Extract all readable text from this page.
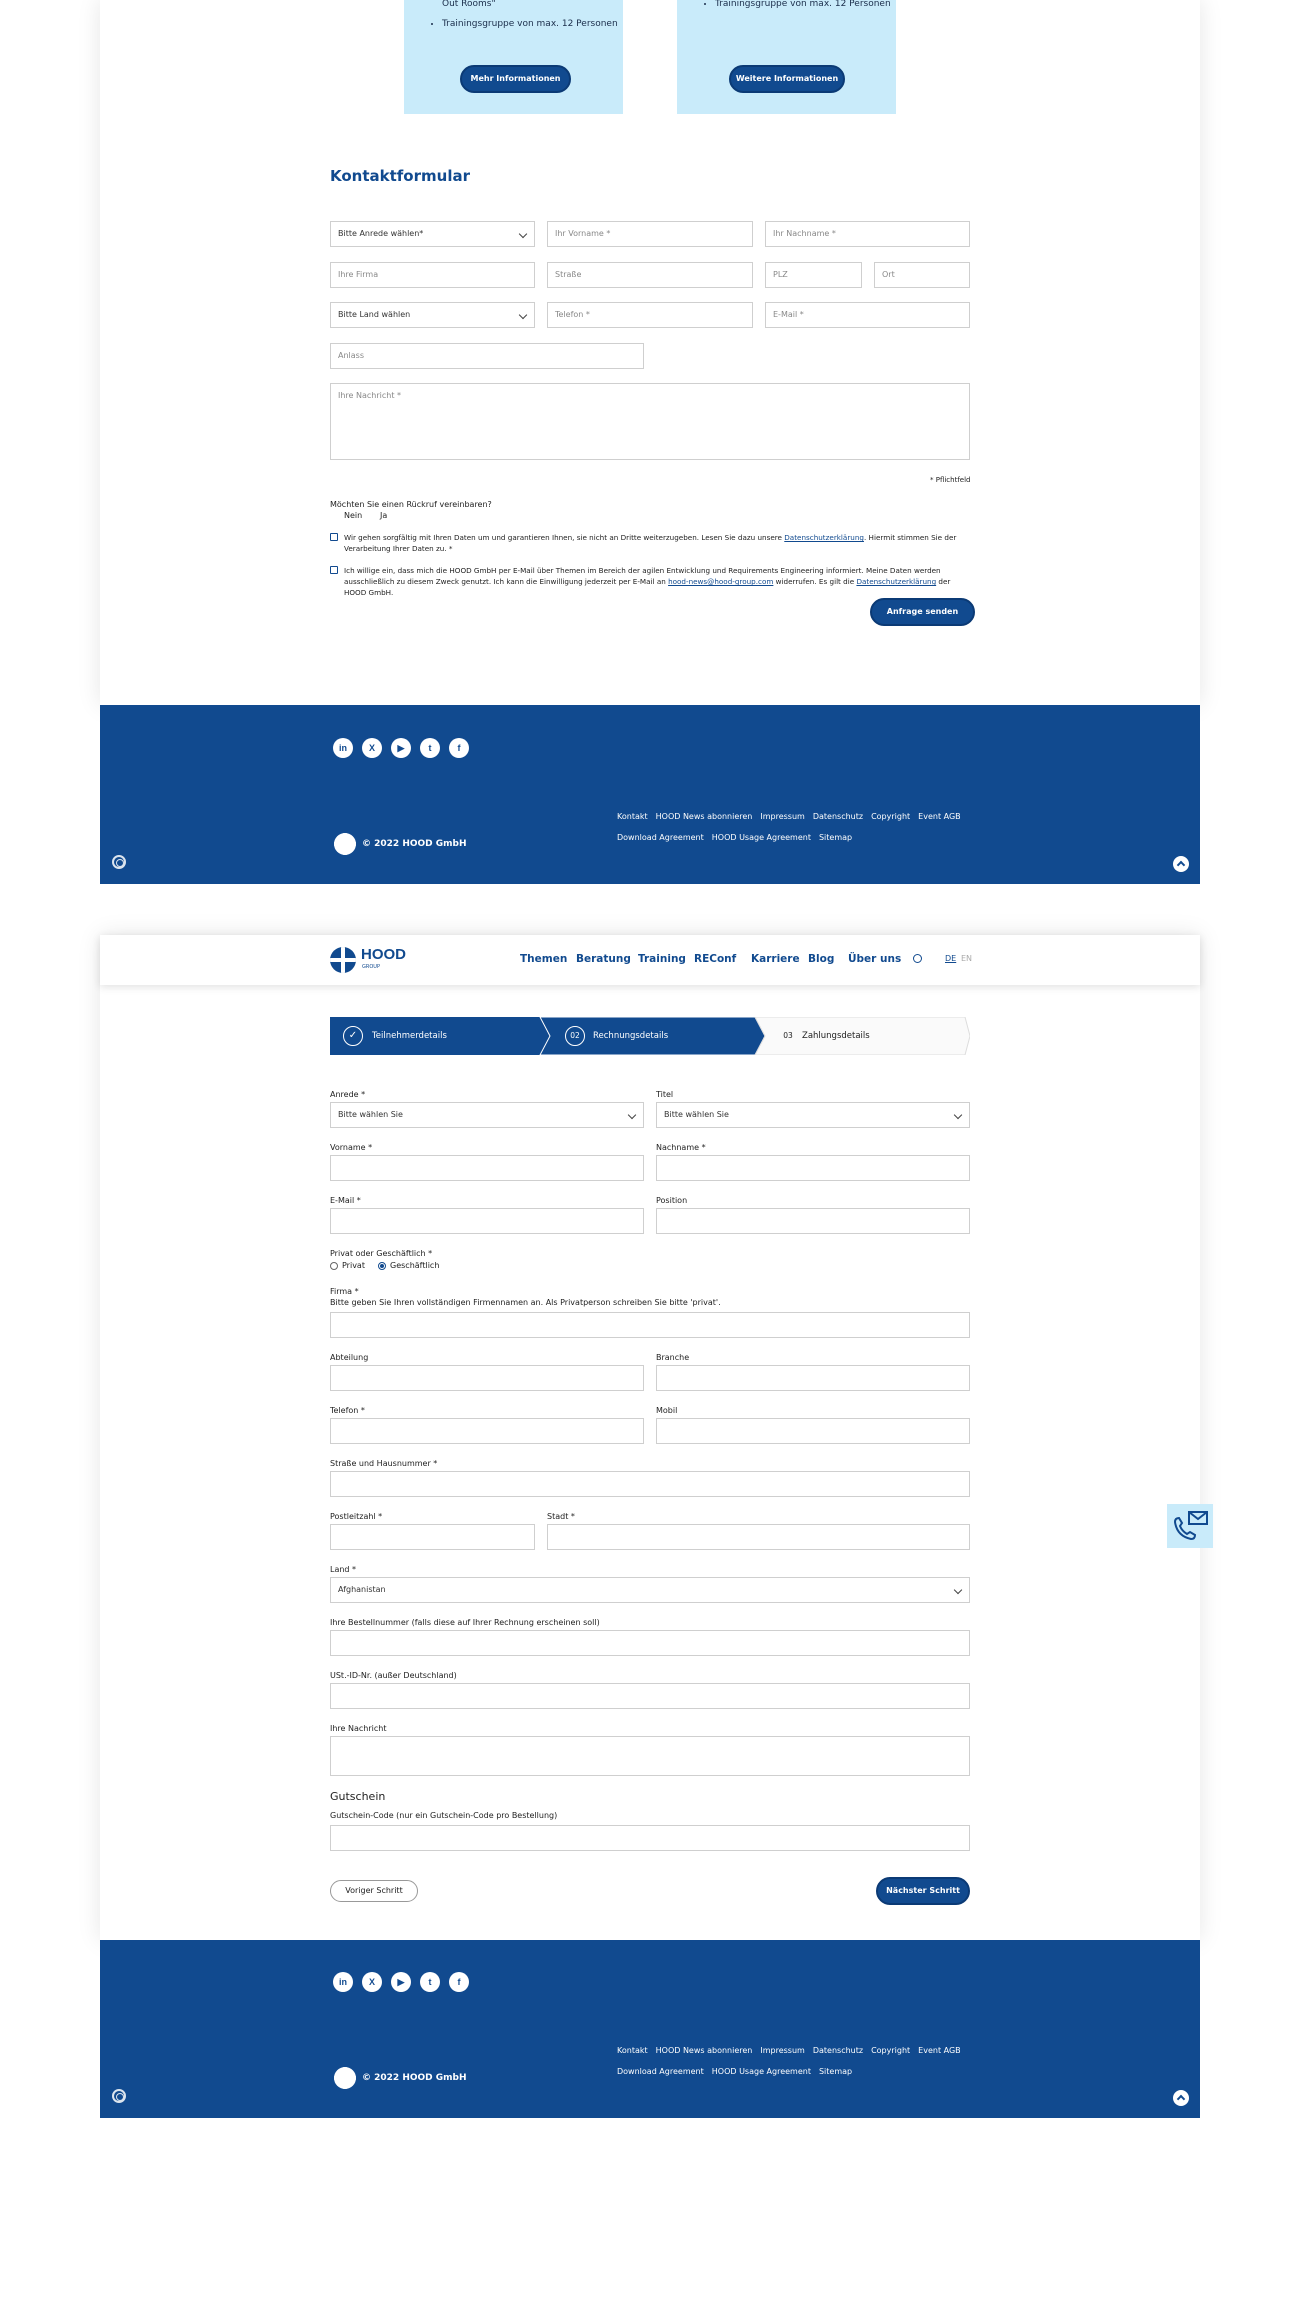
Out Rooms"
• Trainingsgruppe von max. 12 Personen
Mehr Informationen
• Trainingsgruppe von max. 12 Personen
Weitere Informationen
Kontaktformular
Bitte Anrede wählen*	Ihr Vorname *	Ihr Nachname *
Ihre Firma	Straße	PLZ	Ort
Bitte Land wählen	Telefon *	E-Mail *
Anlass
Ihre Nachricht *
* Pflichtfeld
Möchten Sie einen Rückruf vereinbaren?
Nein Ja
Wir gehen sorgfältig mit Ihren Daten um und garantieren Ihnen, sie nicht an Dritte weiterzugeben. Lesen Sie dazu unsere Datenschutzerklärung. Hiermit stimmen Sie der Verarbeitung Ihrer Daten zu. *
Ich willige ein, dass mich die HOOD GmbH per E-Mail über Themen im Bereich der agilen Entwicklung und Requirements Engineering informiert. Meine Daten werden ausschließlich zu diesem Zweck genutzt. Ich kann die Einwilligung jederzeit per E-Mail an hood-news@hood-group.com widerrufen. Es gilt die Datenschutzerklärung der HOOD GmbH.
Anfrage senden
in	X	▶	t	f
© 2022 HOOD GmbH
Kontakt HOOD News abonnieren Impressum Datenschutz Copyright Event AGB
Download Agreement HOOD Usage Agreement Sitemap
HOOD
GROUP
Themen Beratung Training REConf Karriere Blog Über uns	DE EN
✓	Teilnehmerdetails	02	Rechnungsdetails	03	Zahlungsdetails
Anrede *
Bitte wählen Sie
Titel
Bitte wählen Sie
Vorname *	Nachname *
E-Mail *	Position
Privat oder Geschäftlich *
Privat	Geschäftlich
Firma *
Bitte geben Sie Ihren vollständigen Firmennamen an. Als Privatperson schreiben Sie bitte 'privat'.
Abteilung	Branche
Telefon *	Mobil
Straße und Hausnummer *
Postleitzahl *	Stadt *
Land *
Afghanistan
Ihre Bestellnummer (falls diese auf Ihrer Rechnung erscheinen soll)
USt.-ID-Nr. (außer Deutschland)
Ihre Nachricht
Gutschein
Gutschein-Code (nur ein Gutschein-Code pro Bestellung)
Voriger Schritt	Nächster Schritt
in	X	▶	t	f
© 2022 HOOD GmbH
Kontakt HOOD News abonnieren Impressum Datenschutz Copyright Event AGB
Download Agreement HOOD Usage Agreement Sitemap
